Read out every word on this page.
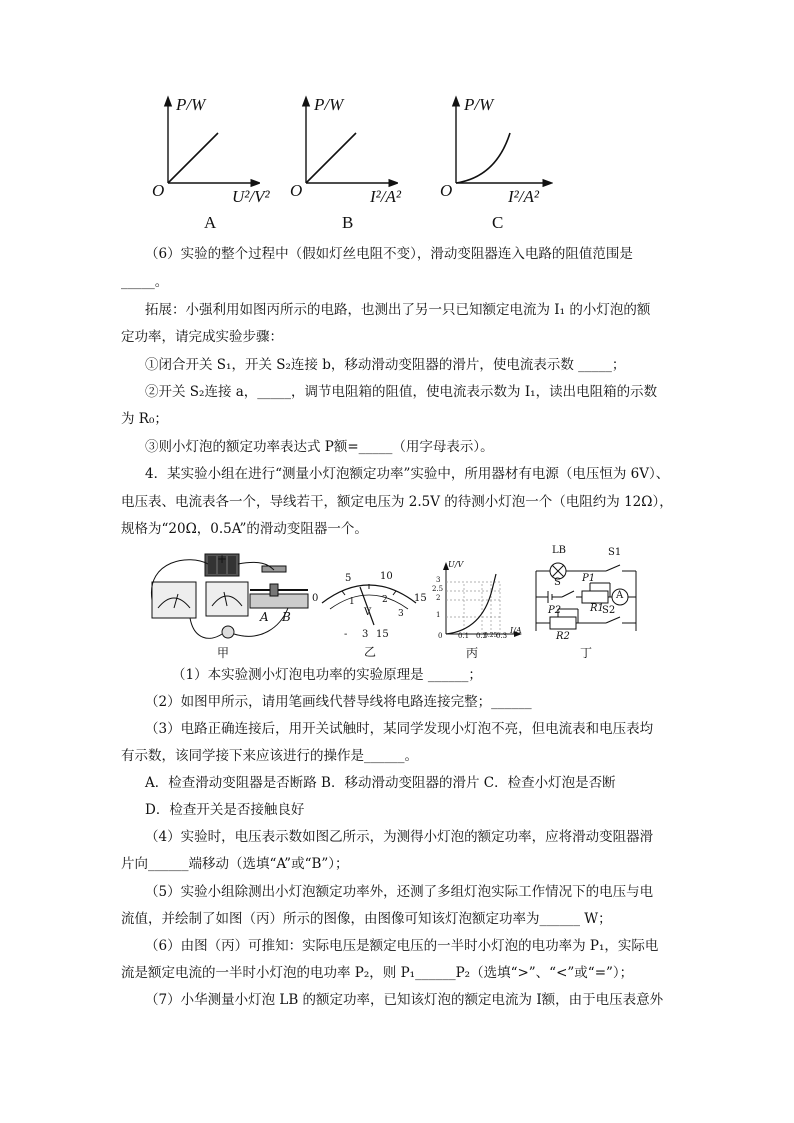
P/W
O	U²/V²
A
P/W
O	I²/A²
B
P/W
O	I²/A²
C
（6）实验的整个过程中（假如灯丝电阻不变），滑动变阻器连入电路的阻值范围是
_____。
拓展：小强利用如图丙所示的电路，也测出了另一只已知额定电流为 I₁ 的小灯泡的额
定功率，请完成实验步骤：
①闭合开关 S₁，开关 S₂连接 b，移动滑动变阻器的滑片，使电流表示数 _____；
②开关 S₂连接 a，_____，调节电阻箱的阻值，使电流表示数为 I₁，读出电阻箱的示数
为 R₀；
③则小灯泡的额定功率表达式 P额=_____（用字母表示）。
4．某实验小组在进行“测量小灯泡额定功率”实验中，所用器材有电源（电压恒为 6V）、
电压表、电流表各一个，导线若干，额定电压为 2.5V 的待测小灯泡一个（电阻约为 12Ω），
规格为“20Ω，0.5A”的滑动变阻器一个。
+
A B
甲
0
5	10
15
1	2
3
V
- 3 15
乙
U/V
3
2.5
2
1
0 0.1 0.2
0.25
0.3
I/A
丙
LB	S1
S P1
R1
A
P2
R2
S2
丁
（1）本实验测小灯泡电功率的实验原理是 ______；
（2）如图甲所示，请用笔画线代替导线将电路连接完整；______
（3）电路正确连接后，用开关试触时，某同学发现小灯泡不亮，但电流表和电压表均
有示数，该同学接下来应该进行的操作是______。
A．检查滑动变阻器是否断路 B．移动滑动变阻器的滑片 C．检查小灯泡是否断
D．检查开关是否接触良好
（4）实验时，电压表示数如图乙所示，为测得小灯泡的额定功率，应将滑动变阻器滑
片向______端移动（选填“A”或“B”）；
（5）实验小组除测出小灯泡额定功率外，还测了多组灯泡实际工作情况下的电压与电
流值，并绘制了如图（丙）所示的图像，由图像可知该灯泡额定功率为______ W；
（6）由图（丙）可推知：实际电压是额定电压的一半时小灯泡的电功率为 P₁，实际电
流是额定电流的一半时小灯泡的电功率 P₂，则 P₁______P₂（选填“>”、“<”或“=”）；
（7）小华测量小灯泡 LB 的额定功率，已知该灯泡的额定电流为 I额，由于电压表意外
